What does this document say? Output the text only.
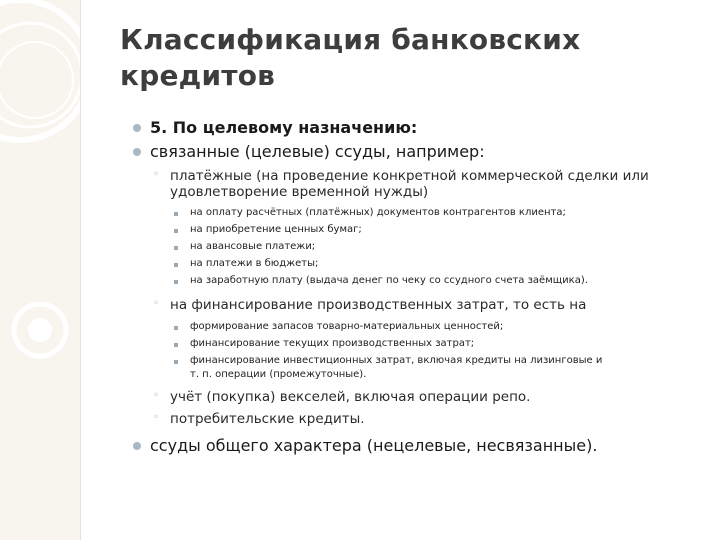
Классификация банковских кредитов
5. По целевому назначению:
связанные (целевые) ссуды, например:
◦ платёжные (на проведение конкретной коммерческой сделки или удовлетворение временной нужды)
на оплату расчётных (платёжных) документов контрагентов клиента;
на приобретение ценных бумаг;
на авансовые платежи;
на платежи в бюджеты;
на заработную плату (выдача денег по чеку со ссудного счета заёмщика).
◦ на финансирование производственных затрат, то есть на
формирование запасов товарно-материальных ценностей;
финансирование текущих производственных затрат;
финансирование инвестиционных затрат, включая кредиты на лизинговые и т. п. операции (промежуточные).
◦ учёт (покупка) векселей, включая операции репо.
◦ потребительские кредиты.
ссуды общего характера (нецелевые, несвязанные).
